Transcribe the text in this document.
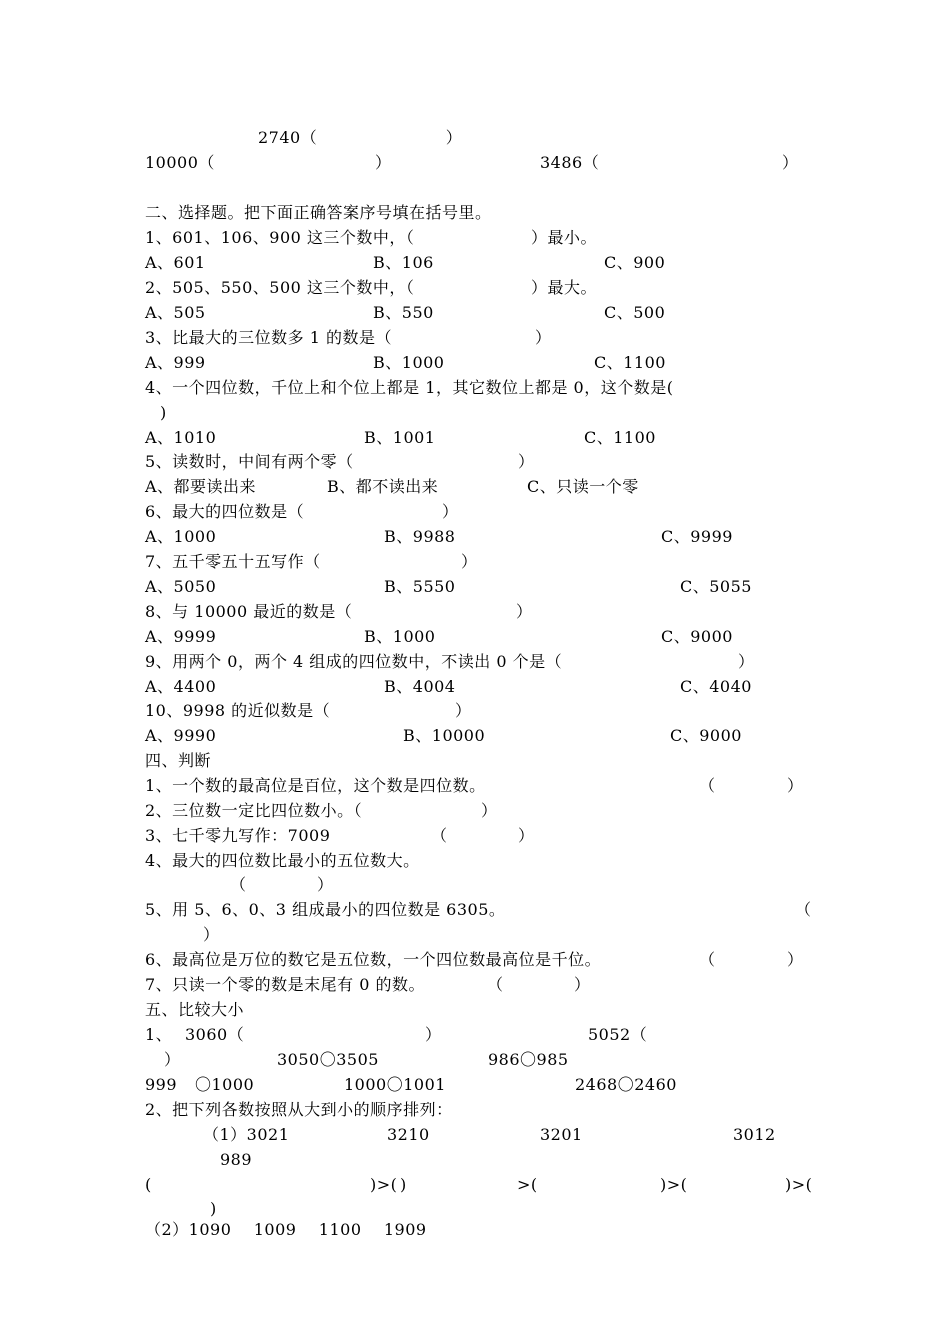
2740（                       ）
10000（	）	3486（	）
二、选择题。把下面正确答案序号填在括号里。
1、601、106、900 这三个数中，（	）最小。
A、601	B、106	C、900
2、505、550、500 这三个数中，（	）最大。
A、505	B、550	C、500
3、比最大的三位数多 1 的数是（	）
A、999	B、1000	C、1100
4、一个四位数，千位上和个位上都是 1，其它数位上都是 0，这个数是(
)
A、1010	B、1001	C、1100
5、读数时，中间有两个零（	）
A、都要读出来	B、都不读出来	C、只读一个零
6、最大的四位数是（	）
A、1000	B、9988	C、9999
7、五千零五十五写作（	）
A、5050	B、5550	C、5055
8、与 10000 最近的数是（	）
A、9999	B、1000	C、9000
9、用两个 0，两个 4 组成的四位数中，不读出 0 个是（	）
A、4400	B、4004	C、4040
10、9998 的近似数是（	）
A、9990	B、10000	C、9000
四、判断
1、一个数的最高位是百位，这个数是四位数。	（	）
2、三位数一定比四位数小。（	）
3、七千零九写作：7009	（	）
4、最大的四位数比最小的五位数大。
（	）
5、用 5、6、0、3 组成最小的四位数是 6305。	（
）
6、最高位是万位的数它是五位数，一个四位数最高位是千位。	（	）
7、只读一个零的数是末尾有 0 的数。	（	）
五、比较大小
1、 3060（	）	5052（
）	3050〇3505	986〇985
999 〇1000	1000〇1001	2468〇2460
2、把下列各数按照从大到小的顺序排列：
（1）3021	3210	3201	3012
989
(	)>( )	>(	)>(	)>(
)
（2）1090    1009    1100    1909
